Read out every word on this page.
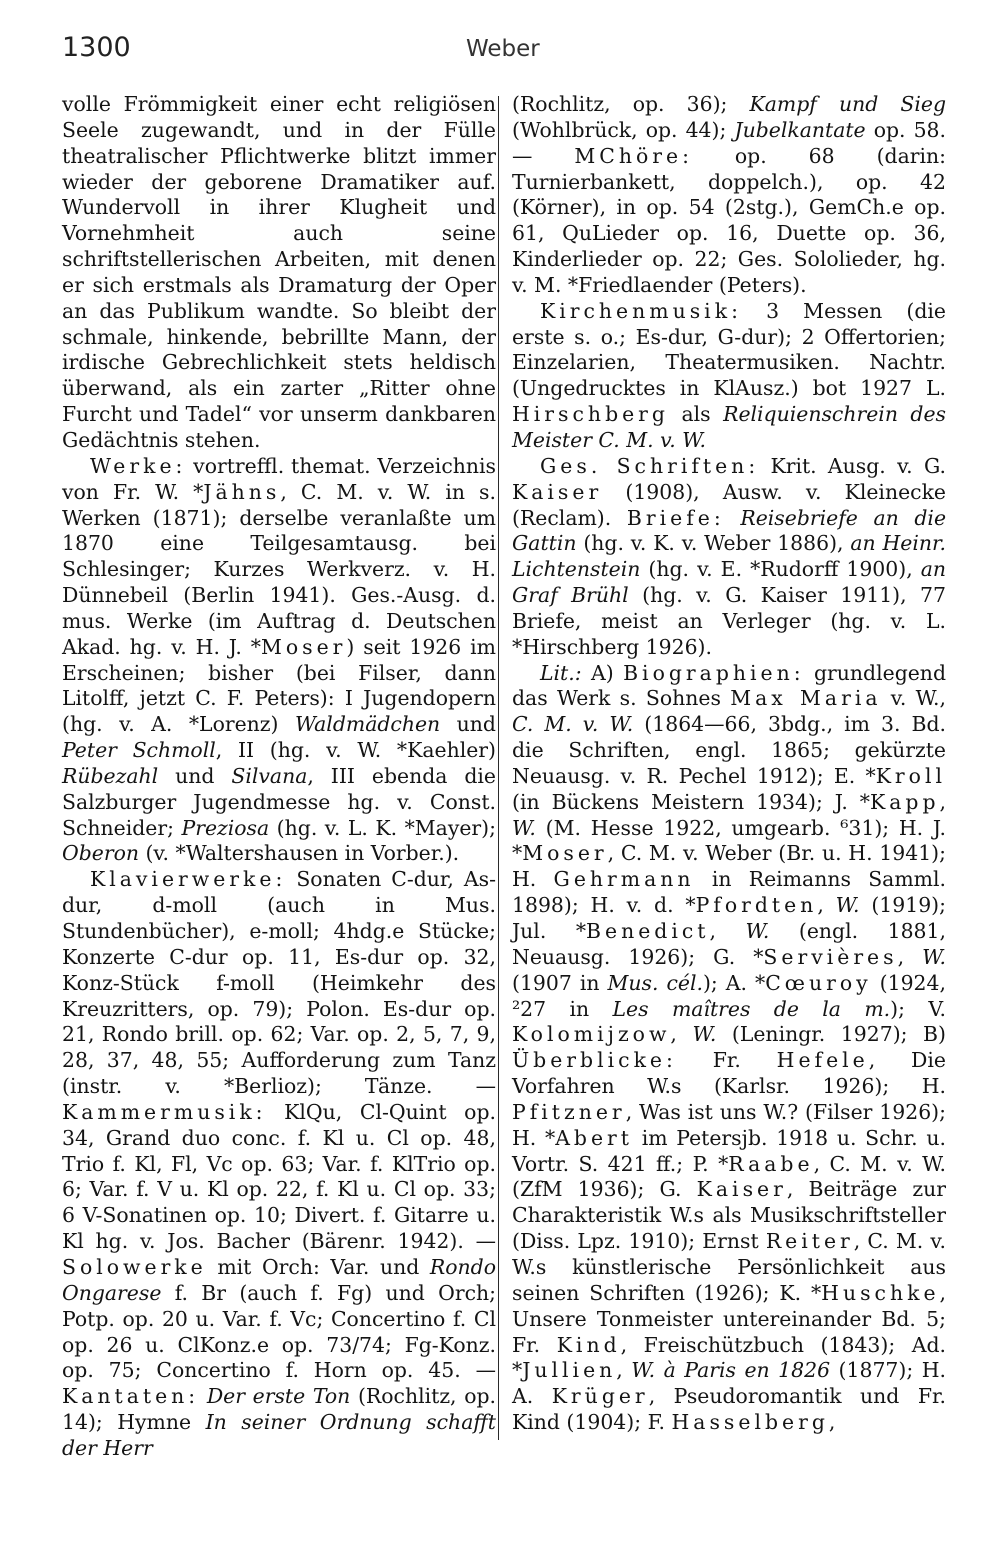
1300	Weber

volle Frömmigkeit einer echt religiösen Seele zugewandt, und in der Fülle theatralischer Pflichtwerke blitzt immer wieder der geborene Dramatiker auf. Wundervoll in ihrer Klugheit und Vornehmheit auch seine schriftstellerischen Arbeiten, mit denen er sich erstmals als Dramaturg der Oper an das Publikum wandte. So bleibt der schmale, hinkende, bebrillte Mann, der irdische Gebrechlichkeit stets heldisch überwand, als ein zarter „Ritter ohne Furcht und Tadel“ vor unserm dankbaren Gedächtnis stehen.

Werke: vortreffl. themat. Verzeichnis von Fr. W. *Jähns, C. M. v. W. in s. Werken (1871); derselbe veranlaßte um 1870 eine Teilgesamtausg. bei Schlesinger; Kurzes Werkverz. v. H. Dünnebeil (Berlin 1941). Ges.-Ausg. d. mus. Werke (im Auftrag d. Deutschen Akad. hg. v. H. J. *Moser) seit 1926 im Erscheinen; bisher (bei Filser, dann Litolff, jetzt C. F. Peters): I Jugendopern (hg. v. A. *Lorenz) Waldmädchen und Peter Schmoll, II (hg. v. W. *Kaehler) Rübezahl und Silvana, III ebenda die Salzburger Jugendmesse hg. v. Const. Schneider; Preziosa (hg. v. L. K. *Mayer); Oberon (v. *Waltershausen in Vorber.).

Klavierwerke: Sonaten C-dur, As-dur, d-moll (auch in Mus. Stundenbücher), e-moll; 4hdg.e Stücke; Konzerte C-dur op. 11, Es-dur op. 32, Konz-Stück f-moll (Heimkehr des Kreuzritters, op. 79); Polon. Es-dur op. 21, Rondo brill. op. 62; Var. op. 2, 5, 7, 9, 28, 37, 48, 55; Aufforderung zum Tanz (instr. v. *Berlioz); Tänze. — Kammermusik: KlQu, Cl-Quint op. 34, Grand duo conc. f. Kl u. Cl op. 48, Trio f. Kl, Fl, Vc op. 63; Var. f. KlTrio op. 6; Var. f. V u. Kl op. 22, f. Kl u. Cl op. 33; 6 V-Sonatinen op. 10; Divert. f. Gitarre u. Kl hg. v. Jos. Bacher (Bärenr. 1942). — Solowerke mit Orch: Var. und Rondo Ongarese f. Br (auch f. Fg) und Orch; Potp. op. 20 u. Var. f. Vc; Concertino f. Cl op. 26 u. ClKonz.e op. 73/74; Fg-Konz. op. 75; Concertino f. Horn op. 45. — Kantaten: Der erste Ton (Rochlitz, op. 14); Hymne In seiner Ordnung schafft der Herr

(Rochlitz, op. 36); Kampf und Sieg (Wohlbrück, op. 44); Jubelkantate op. 58. — MChöre: op. 68 (darin: Turnierbankett, doppelch.), op. 42 (Körner), in op. 54 (2stg.), GemCh.e op. 61, QuLieder op. 16, Duette op. 36, Kinderlieder op. 22; Ges. Sololieder, hg. v. M. *Friedlaender (Peters).

Kirchenmusik: 3 Messen (die erste s. o.; Es-dur, G-dur); 2 Offertorien; Einzelarien, Theatermusiken. Nachtr. (Ungedrucktes in KlAusz.) bot 1927 L. Hirschberg als Reliquienschrein des Meister C. M. v. W.

Ges. Schriften: Krit. Ausg. v. G. Kaiser (1908), Ausw. v. Kleinecke (Reclam). Briefe: Reisebriefe an die Gattin (hg. v. K. v. Weber 1886), an Heinr. Lichtenstein (hg. v. E. *Rudorff 1900), an Graf Brühl (hg. v. G. Kaiser 1911), 77 Briefe, meist an Verleger (hg. v. L. *Hirschberg 1926).

Lit.: A) Biographien: grundlegend das Werk s. Sohnes Max Maria v. W., C. M. v. W. (1864—66, 3bdg., im 3. Bd. die Schriften, engl. 1865; gekürzte Neuausg. v. R. Pechel 1912); E. *Kroll (in Bückens Meistern 1934); J. *Kapp, W. (M. Hesse 1922, umgearb. ⁶31); H. J. *Moser, C. M. v. Weber (Br. u. H. 1941); H. Gehrmann in Reimanns Samml. 1898); H. v. d. *Pfordten, W. (1919); Jul. *Benedict, W. (engl. 1881, Neuausg. 1926); G. *Servières, W. (1907 in Mus. cél.); A. *Cœuroy (1924, ²27 in Les maîtres de la m.); V. Kolomijzow, W. (Leningr. 1927); B) Überblicke: Fr. Hefele, Die Vorfahren W.s (Karlsr. 1926); H. Pfitzner, Was ist uns W.? (Filser 1926); H. *Abert im Petersjb. 1918 u. Schr. u. Vortr. S. 421 ff.; P. *Raabe, C. M. v. W. (ZfM 1936); G. Kaiser, Beiträge zur Charakteristik W.s als Musikschriftsteller (Diss. Lpz. 1910); Ernst Reiter, C. M. v. W.s künstlerische Persönlichkeit aus seinen Schriften (1926); K. *Huschke, Unsere Tonmeister untereinander Bd. 5; Fr. Kind, Freischützbuch (1843); Ad. *Jullien, W. à Paris en 1826 (1877); H. A. Krüger, Pseudoromantik und Fr. Kind (1904); F. Hasselberg,
